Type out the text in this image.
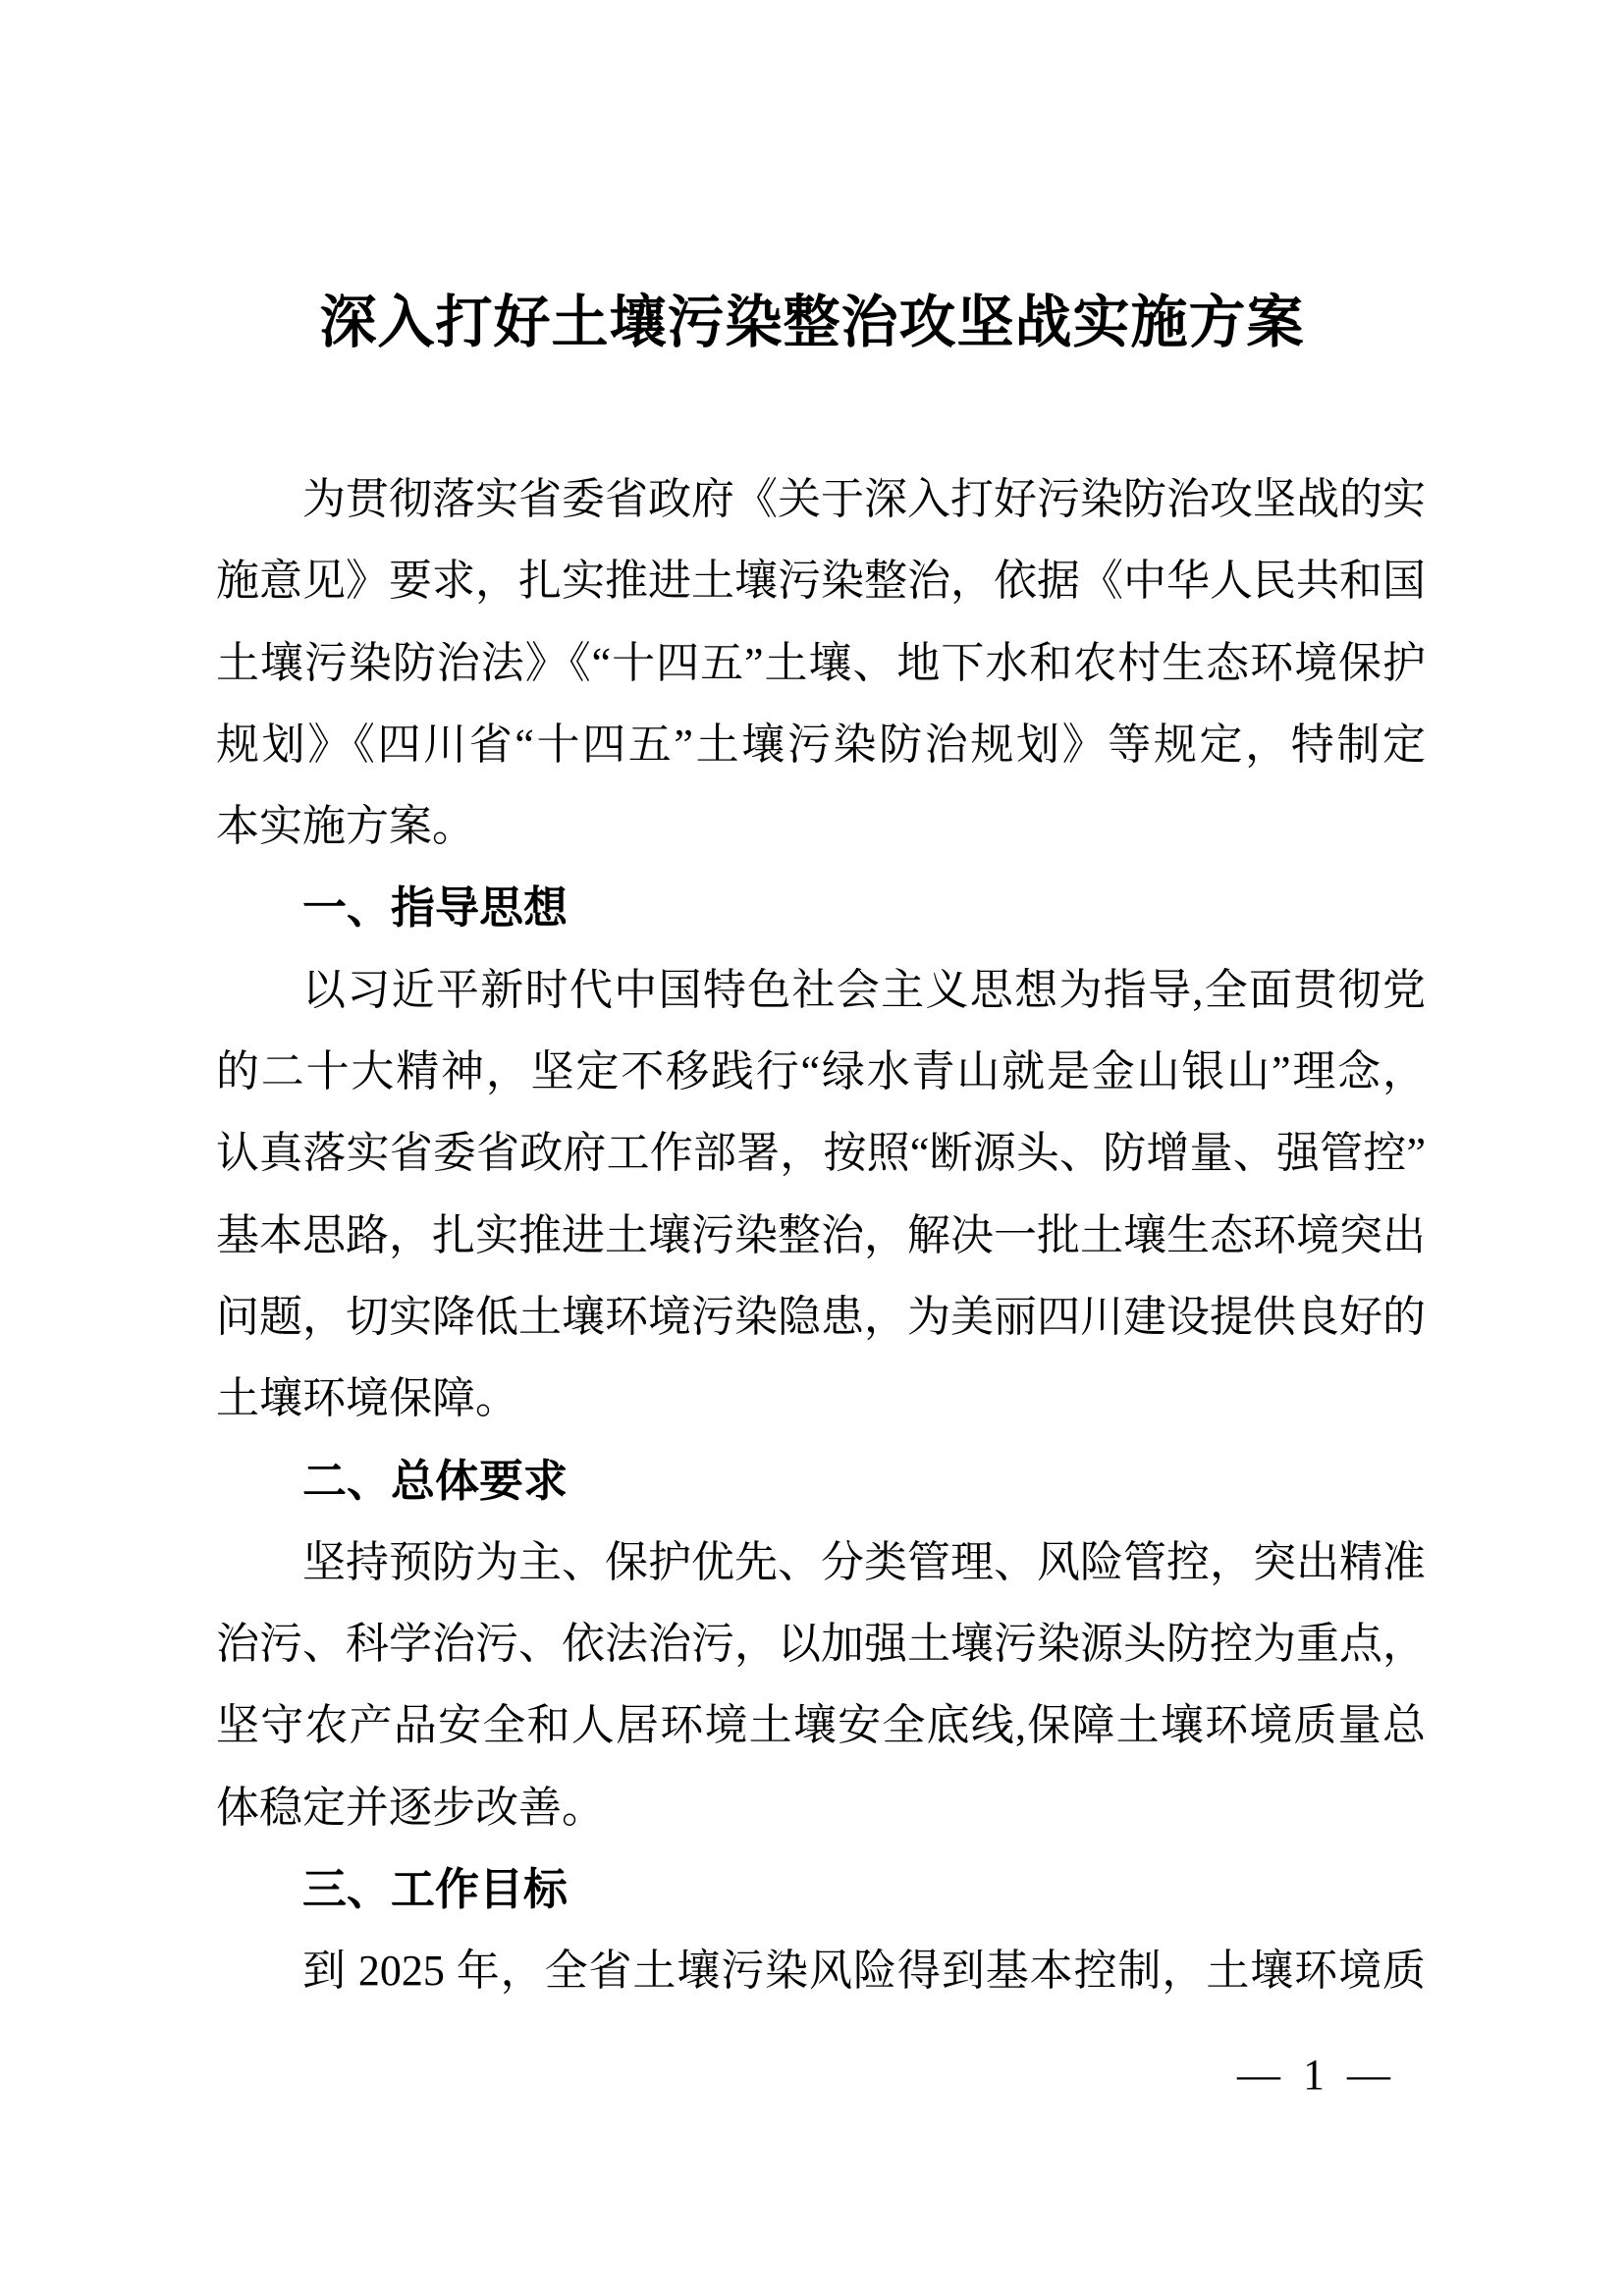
深入打好土壤污染整治攻坚战实施方案
为贯彻落实省委省政府《关于深入打好污染防治攻坚战的实
施意见》要求，扎实推进土壤污染整治，依据《中华人民共和国
土壤污染防治法》《“十四五”土壤、地下水和农村生态环境保护
规划》《四川省“十四五”土壤污染防治规划》等规定，特制定
本实施方案。
一、指导思想
以习近平新时代中国特色社会主义思想为指导,全面贯彻党
的二十大精神，坚定不移践行“绿水青山就是金山银山”理念，
认真落实省委省政府工作部署，按照“断源头、防增量、强管控”
基本思路，扎实推进土壤污染整治，解决一批土壤生态环境突出
问题，切实降低土壤环境污染隐患，为美丽四川建设提供良好的
土壤环境保障。
二、总体要求
坚持预防为主、保护优先、分类管理、风险管控，突出精准
治污、科学治污、依法治污，以加强土壤污染源头防控为重点，
坚守农产品安全和人居环境土壤安全底线,保障土壤环境质量总
体稳定并逐步改善。
三、工作目标
到 2025 年，全省土壤污染风险得到基本控制，土壤环境质
— 1 —
